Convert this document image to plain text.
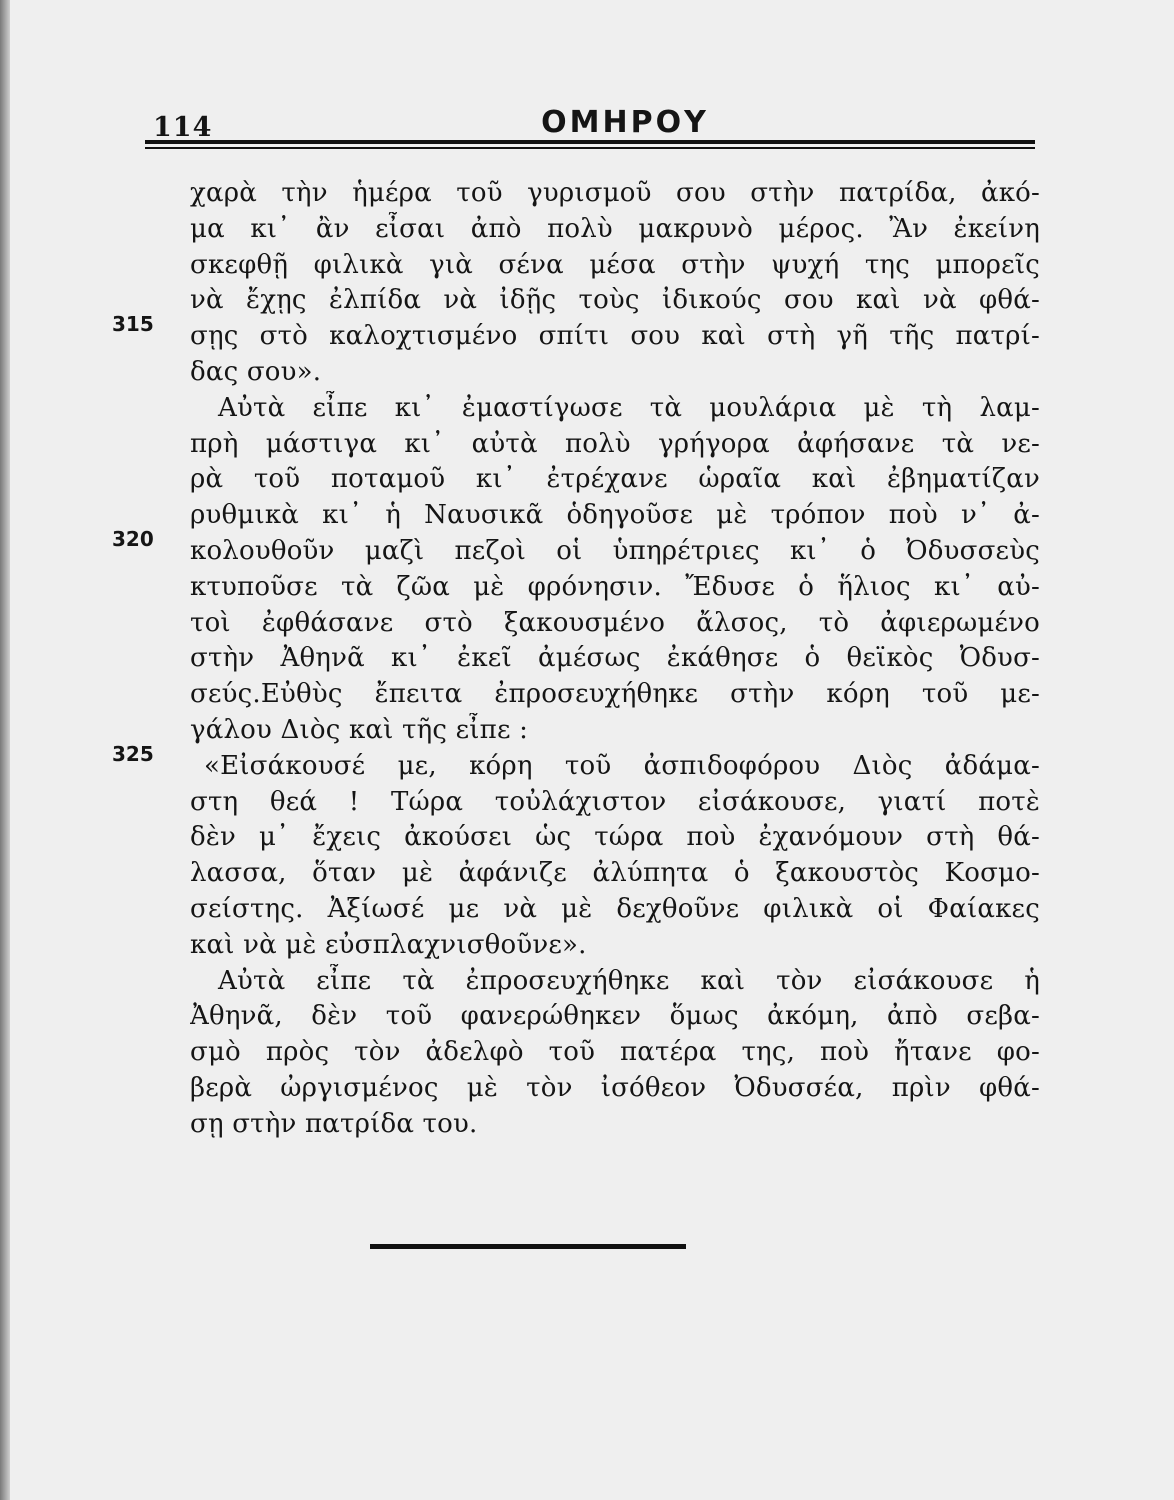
114	ΟΜΗΡΟΥ
315
320
325
χαρὰ τὴν ἡμέρα τοῦ γυρισμοῦ σου στὴν πατρίδα, ἀκό-
μα κι᾽ ἂν εἶσαι ἀπὸ πολὺ μακρυνὸ μέρος. Ἂν ἐκείνη
σκεφθῇ φιλικὰ γιὰ σένα μέσα στὴν ψυχή της μπορεῖς
νὰ ἔχῃς ἐλπίδα νὰ ἰδῇς τοὺς ἰδικούς σου καὶ νὰ φθά-
σῃς στὸ καλοχτισμένο σπίτι σου καὶ στὴ γῆ τῆς πατρί-
δας σου».
Αὐτὰ εἶπε κι᾽ ἐμαστίγωσε τὰ μουλάρια μὲ τὴ λαμ-
πρὴ μάστιγα κι᾽ αὐτὰ πολὺ γρήγορα ἀφήσανε τὰ νε-
ρὰ τοῦ ποταμοῦ κι᾽ ἐτρέχανε ὡραῖα καὶ ἐβηματίζαν
ρυθμικὰ κι᾽ ἡ Ναυσικᾶ ὁδηγοῦσε μὲ τρόπον ποὺ ν᾽ ἀ-
κολουθοῦν μαζὶ πεζοὶ οἱ ὑπηρέτριες κι᾽ ὁ Ὀδυσσεὺς
κτυποῦσε τὰ ζῶα μὲ φρόνησιν. Ἔδυσε ὁ ἥλιος κι᾽ αὐ-
τοὶ ἐφθάσανε στὸ ξακουσμένο ἄλσος, τὸ ἀφιερωμένο
στὴν Ἀθηνᾶ κι᾽ ἐκεῖ ἀμέσως ἐκάθησε ὁ θεϊκὸς Ὀδυσ-
σεύς.Εὐθὺς ἔπειτα ἐπροσευχήθηκε στὴν κόρη τοῦ με-
γάλου Διὸς καὶ τῆς εἶπε :
«Εἰσάκουσέ με, κόρη τοῦ ἀσπιδοφόρου Διὸς ἀδάμα-
στη θεά ! Τώρα τοὐλάχιστον εἰσάκουσε, γιατί ποτὲ
δὲν μ᾽ ἔχεις ἀκούσει ὡς τώρα ποὺ ἐχανόμουν στὴ θά-
λασσα, ὅταν μὲ ἀφάνιζε ἀλύπητα ὁ ξακουστὸς Κοσμο-
σείστης. Ἀξίωσέ με νὰ μὲ δεχθοῦνε φιλικὰ οἱ Φαίακες
καὶ νὰ μὲ εὐσπλαχνισθοῦνε».
Αὐτὰ εἶπε τὰ ἐπροσευχήθηκε καὶ τὸν εἰσάκουσε ἡ
Ἀθηνᾶ, δὲν τοῦ φανερώθηκεν ὅμως ἀκόμη, ἀπὸ σεβα-
σμὸ πρὸς τὸν ἀδελφὸ τοῦ πατέρα της, ποὺ ἤτανε φο-
βερὰ ὠργισμένος μὲ τὸν ἰσόθεον Ὀδυσσέα, πρὶν φθά-
σῃ στὴν πατρίδα του.
